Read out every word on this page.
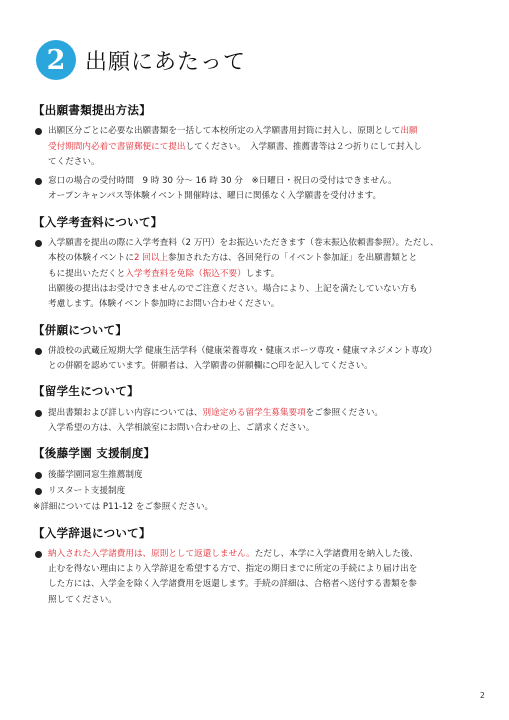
2 出願にあたって
【出願書類提出方法】
出願区分ごとに必要な出願書類を一括して本校所定の入学願書用封筒に封入し、原則として出願
受付期間内必着で書留郵便にて提出してください。　入学願書、推薦書等は２つ折りにして封入し
てください。
窓口の場合の受付時間　9 時 30 分～ 16 時 30 分　※日曜日・祝日の受付はできません。
オープンキャンパス等体験イベント開催時は、曜日に関係なく入学願書を受付けます。
【入学考査料について】
入学願書を提出の際に入学考査料（2 万円）をお振込いただきます（巻末振込依頼書参照）。ただし、
本校の体験イベントに2 回以上参加された方は、各回発行の「イベント参加証」を出願書類とと
もに提出いただくと入学考査料を免除（振込不要）します。
出願後の提出はお受けできませんのでご注意ください。場合により、上記を満たしていない方も
考慮します。体験イベント参加時にお問い合わせください。
【併願について】
併設校の武蔵丘短期大学 健康生活学科（健康栄養専攻・健康スポーツ専攻・健康マネジメント専攻）
との併願を認めています。併願者は、入学願書の併願欄に○印を記入してください。
【留学生について】
提出書類および詳しい内容については、別途定める留学生募集要項をご参照ください。
入学希望の方は、入学相談室にお問い合わせの上、ご請求ください。
【後藤学園 支援制度】
後藤学園同窓生推薦制度
リスタート支援制度
※詳細については P11-12 をご参照ください。
【入学辞退について】
納入された入学諸費用は、原則として返還しません。ただし、本学に入学諸費用を納入した後、
止むを得ない理由により入学辞退を希望する方で、指定の期日までに所定の手続により届け出を
した方には、入学金を除く入学諸費用を返還します。手続の詳細は、合格者へ送付する書類を参
照してください。
2
